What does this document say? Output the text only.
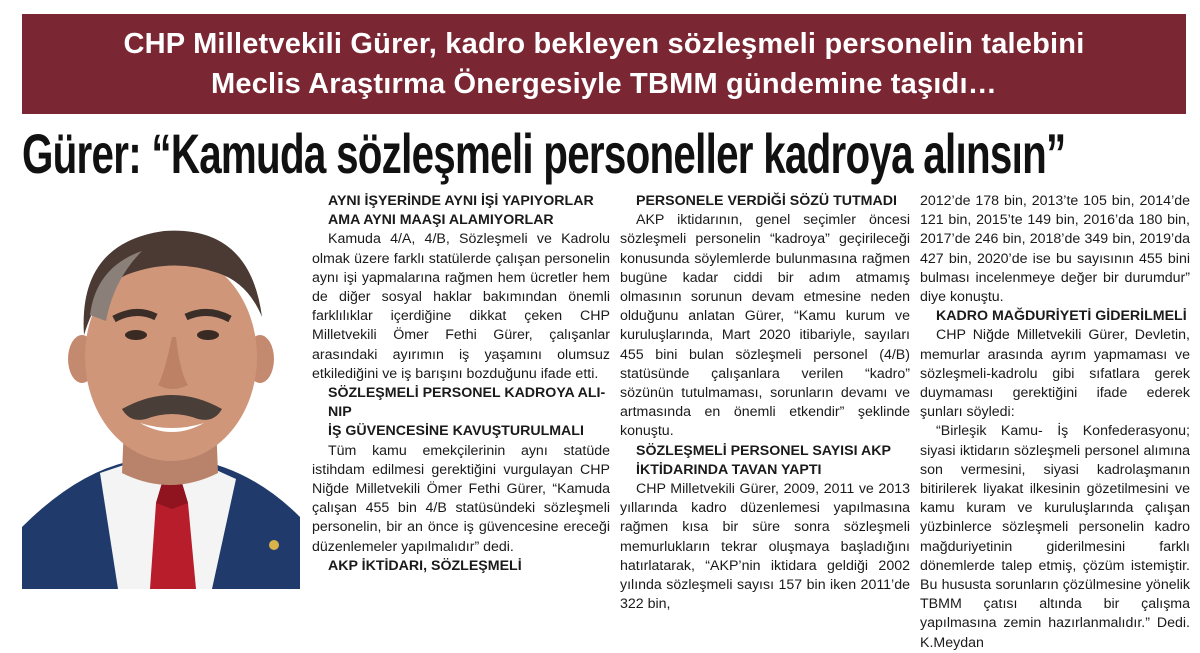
CHP Milletvekili Gürer, kadro bekleyen sözleşmeli personelin talebini
Meclis Araştırma Önergesiyle TBMM gündemine taşıdı…
Gürer: “Kamuda sözleşmeli personeller kadroya alınsın”
AYNI İŞYERİNDE AYNI İŞİ YAPIYORLAR
AMA AYNI MAAŞI ALAMIYORLAR
Kamuda 4/A, 4/B, Sözleşmeli ve Kadrolu olmak üzere farklı statülerde çalışan personelin aynı işi yapmalarına rağmen hem ücretler hem de diğer sosyal haklar bakımından önemli farklılıklar içerdiğine dikkat çeken CHP Milletvekili Ömer Fethi Gürer, çalışanlar arasındaki ayırımın iş yaşamını olumsuz etkilediğini ve iş barışını bozduğunu ifade etti.
SÖZLEŞMELİ PERSONEL KADROYA ALI-
NIP
İŞ GÜVENCESİNE KAVUŞTURULMALI
Tüm kamu emekçilerinin aynı statüde istihdam edilmesi gerektiğini vurgulayan CHP Niğde Milletvekili Ömer Fethi Gürer, “Kamuda çalışan 455 bin 4/B statüsündeki sözleşmeli personelin, bir an önce iş güvencesine ereceği düzenlemeler yapılmalıdır” dedi.
AKP İKTİDARI, SÖZLEŞMELİ
PERSONELE VERDİĞİ SÖZÜ TUTMADI
AKP iktidarının, genel seçimler öncesi sözleşmeli personelin “kadroya” geçirileceği konusunda söylemlerde bulunmasına rağmen bugüne kadar ciddi bir adım atmamış olmasının sorunun devam etmesine neden olduğunu anlatan Gürer, “Kamu kurum ve kuruluşlarında, Mart 2020 itibariyle, sayıları 455 bini bulan sözleşmeli personel (4/B) statüsünde çalışanlara verilen “kadro” sözünün tutulmaması, sorunların devamı ve artmasında en önemli etkendir” şeklinde konuştu.
SÖZLEŞMELİ PERSONEL SAYISI AKP
İKTİDARINDA TAVAN YAPTI
CHP Milletvekili Gürer, 2009, 2011 ve 2013 yıllarında kadro düzenlemesi yapılmasına rağmen kısa bir süre sonra sözleşmeli memurlukların tekrar oluşmaya başladığını hatırlatarak, “AKP’nin iktidara geldiği 2002 yılında sözleşmeli sayısı 157 bin iken 2011’de 322 bin,
2012’de 178 bin, 2013’te 105 bin, 2014’de 121 bin, 2015’te 149 bin, 2016’da 180 bin, 2017’de 246 bin, 2018’de 349 bin, 2019’da 427 bin, 2020’de ise bu sayısının 455 bini bulması incelenmeye değer bir durumdur” diye konuştu.
KADRO MAĞDURİYETİ GİDERİLMELİ
CHP Niğde Milletvekili Gürer, Devletin, memurlar arasında ayrım yapmaması ve sözleşmeli-kadrolu gibi sıfatlara gerek duymaması gerektiğini ifade ederek şunları söyledi:
“Birleşik Kamu- İş Konfederasyonu; siyasi iktidarın sözleşmeli personel alımına son vermesini, siyasi kadrolaşmanın bitirilerek liyakat ilkesinin gözetilmesini ve kamu kuram ve kuruluşlarında çalışan yüzbinlerce sözleşmeli personelin kadro mağduriyetinin giderilmesini farklı dönemlerde talep etmiş, çözüm istemiştir. Bu hususta sorunların çözülmesine yönelik TBMM çatısı altında bir çalışma yapılmasına zemin hazırlanmalıdır.” Dedi. K.Meydan
